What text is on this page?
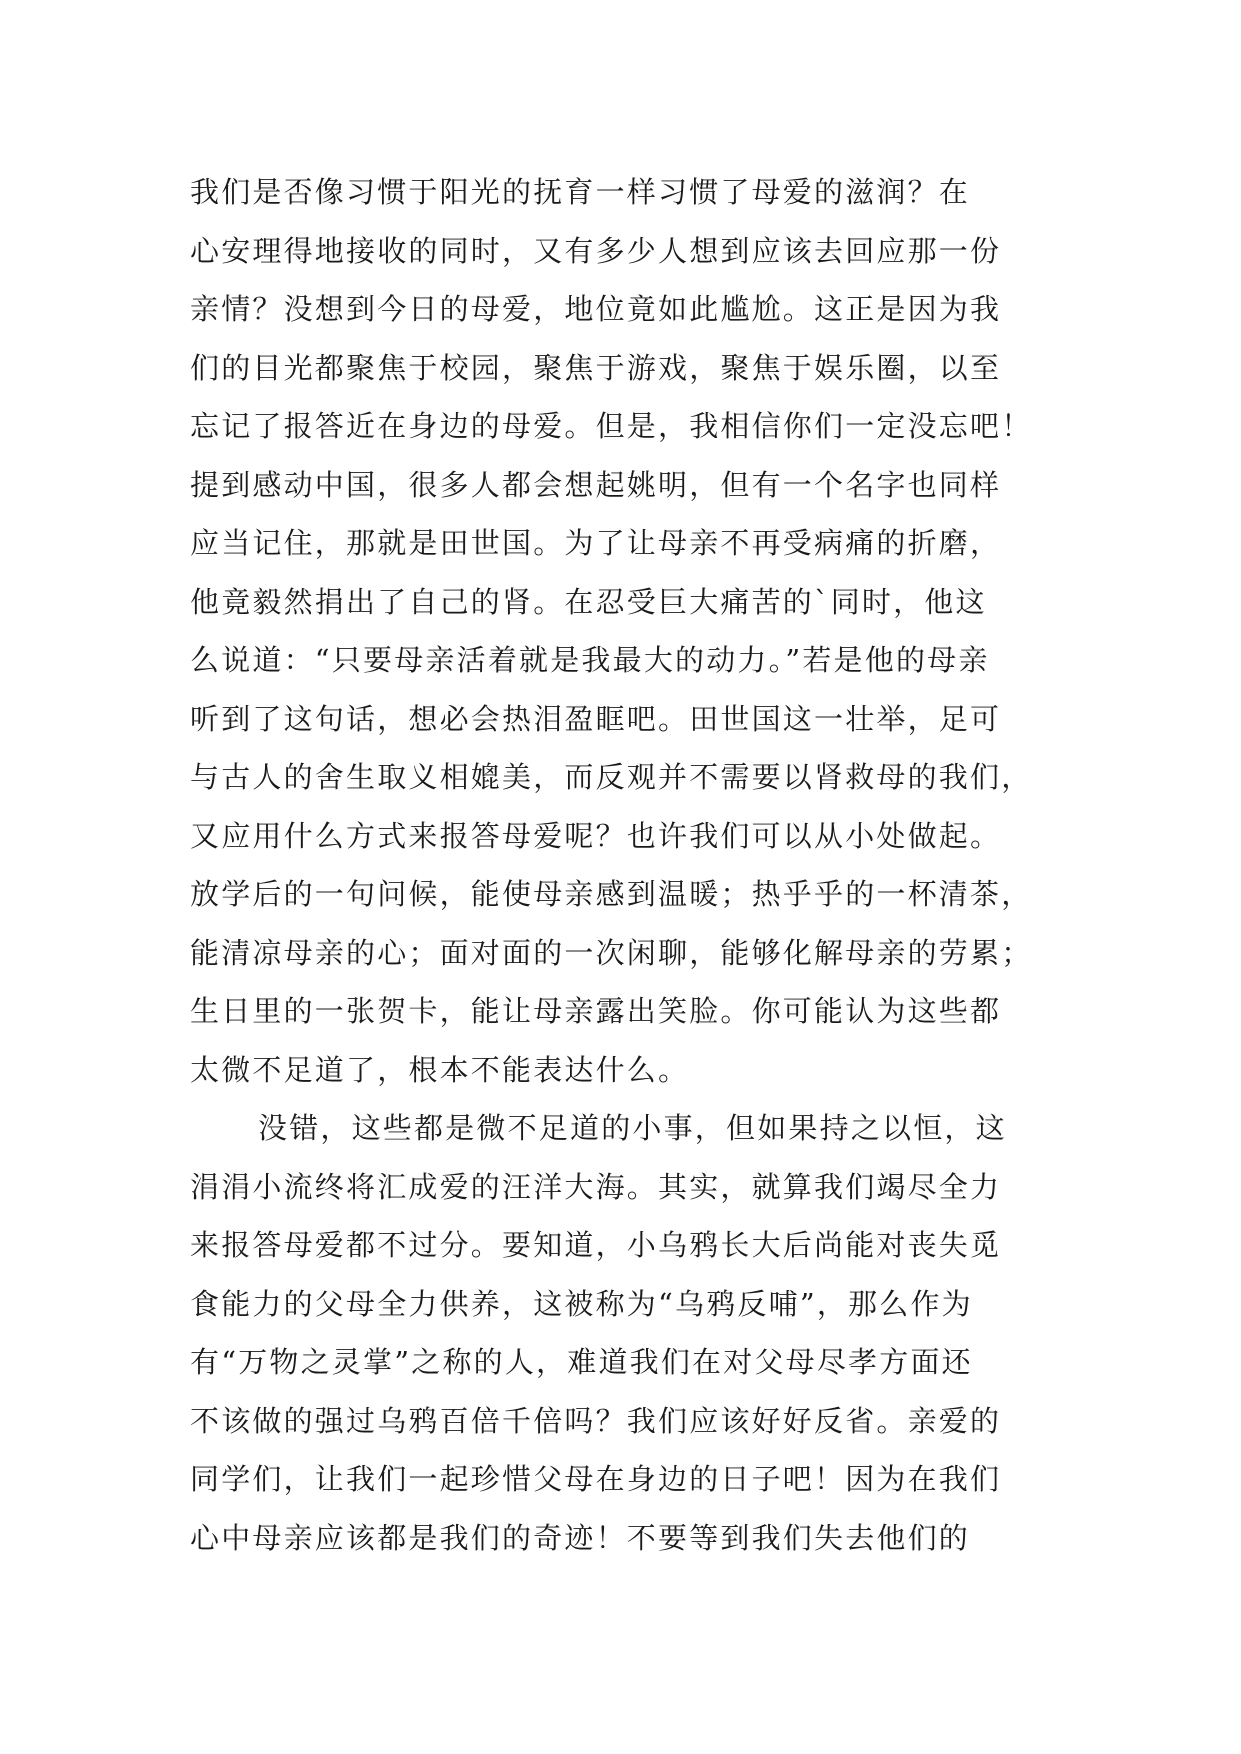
我们是否像习惯于阳光的抚育一样习惯了母爱的滋润？在
心安理得地接收的同时，又有多少人想到应该去回应那一份
亲情？没想到今日的母爱，地位竟如此尴尬。这正是因为我
们的目光都聚焦于校园，聚焦于游戏，聚焦于娱乐圈，以至
忘记了报答近在身边的母爱。但是，我相信你们一定没忘吧！
提到感动中国，很多人都会想起姚明，但有一个名字也同样
应当记住，那就是田世国。为了让母亲不再受病痛的折磨，
他竟毅然捐出了自己的肾。在忍受巨大痛苦的`同时，他这
么说道：“只要母亲活着就是我最大的动力。”若是他的母亲
听到了这句话，想必会热泪盈眶吧。田世国这一壮举，足可
与古人的舍生取义相媲美，而反观并不需要以肾救母的我们，
又应用什么方式来报答母爱呢？也许我们可以从小处做起。
放学后的一句问候，能使母亲感到温暖；热乎乎的一杯清茶，
能清凉母亲的心；面对面的一次闲聊，能够化解母亲的劳累；
生日里的一张贺卡，能让母亲露出笑脸。你可能认为这些都
太微不足道了，根本不能表达什么。
没错，这些都是微不足道的小事，但如果持之以恒，这
涓涓小流终将汇成爱的汪洋大海。其实，就算我们竭尽全力
来报答母爱都不过分。要知道，小乌鸦长大后尚能对丧失觅
食能力的父母全力供养，这被称为“乌鸦反哺”，那么作为
有“万物之灵掌”之称的人，难道我们在对父母尽孝方面还
不该做的强过乌鸦百倍千倍吗？我们应该好好反省。亲爱的
同学们，让我们一起珍惜父母在身边的日子吧！因为在我们
心中母亲应该都是我们的奇迹！不要等到我们失去他们的
